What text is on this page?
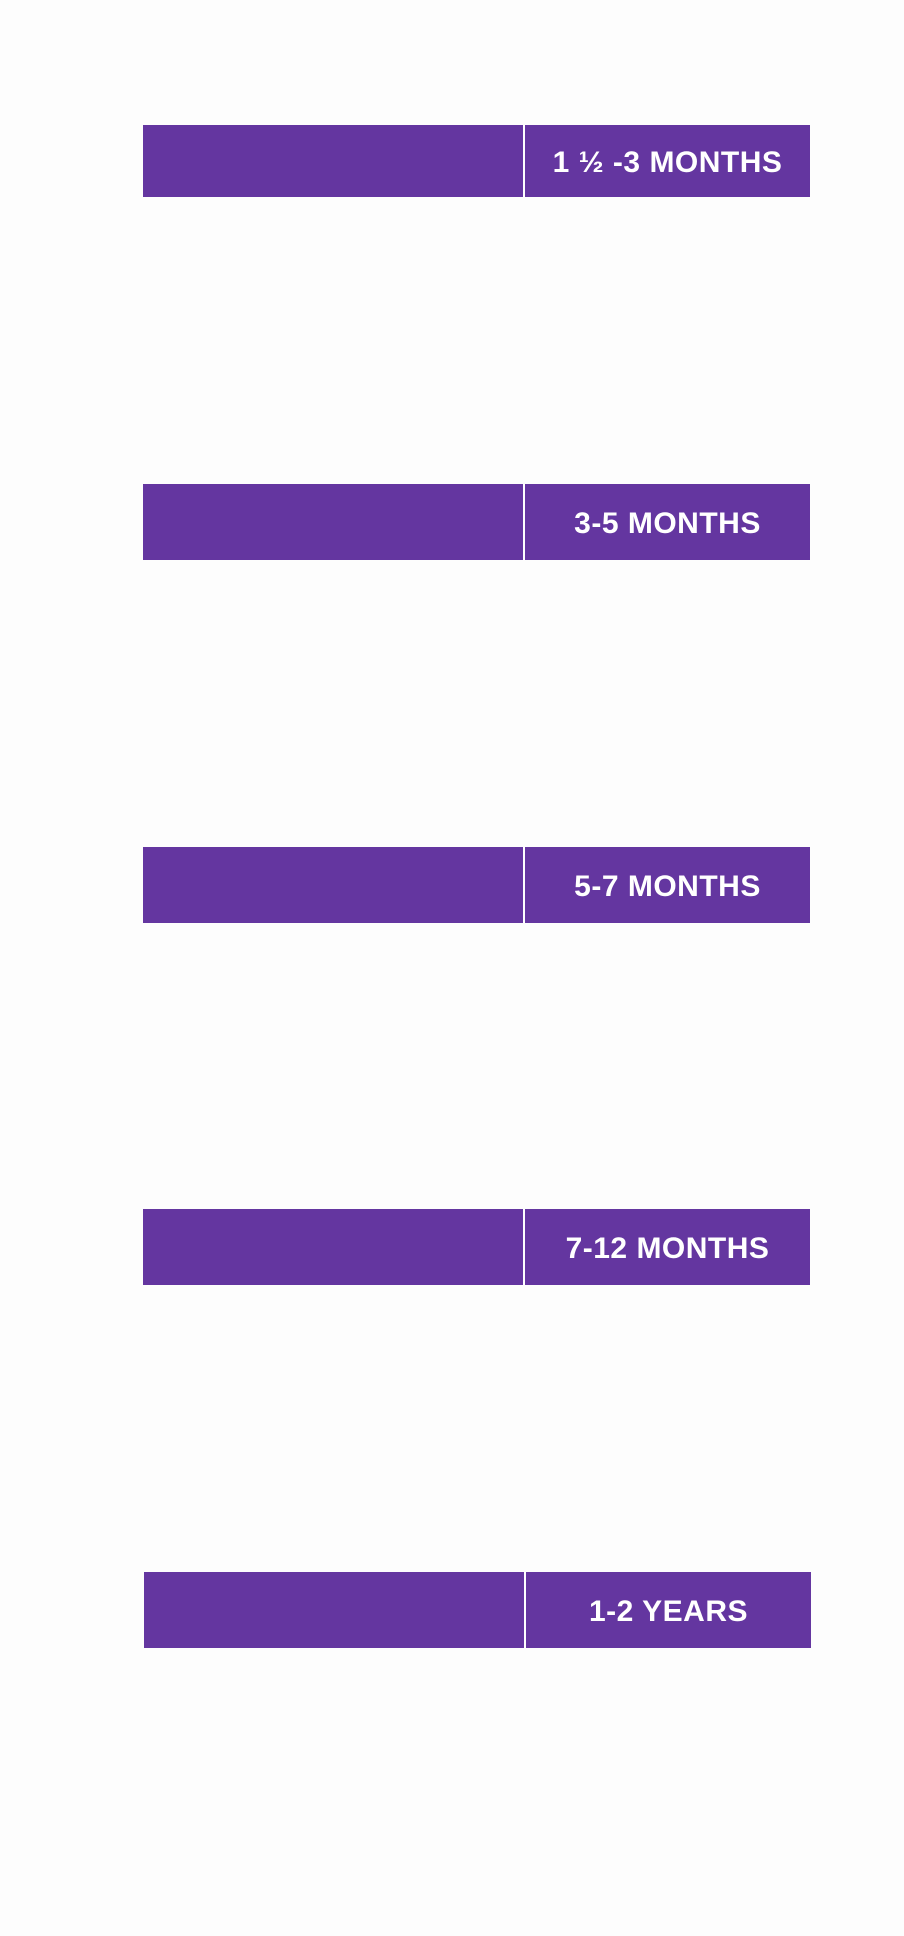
1 ½ -3 MONTHS
3-5 MONTHS
5-7 MONTHS
7-12 MONTHS
1-2 YEARS
